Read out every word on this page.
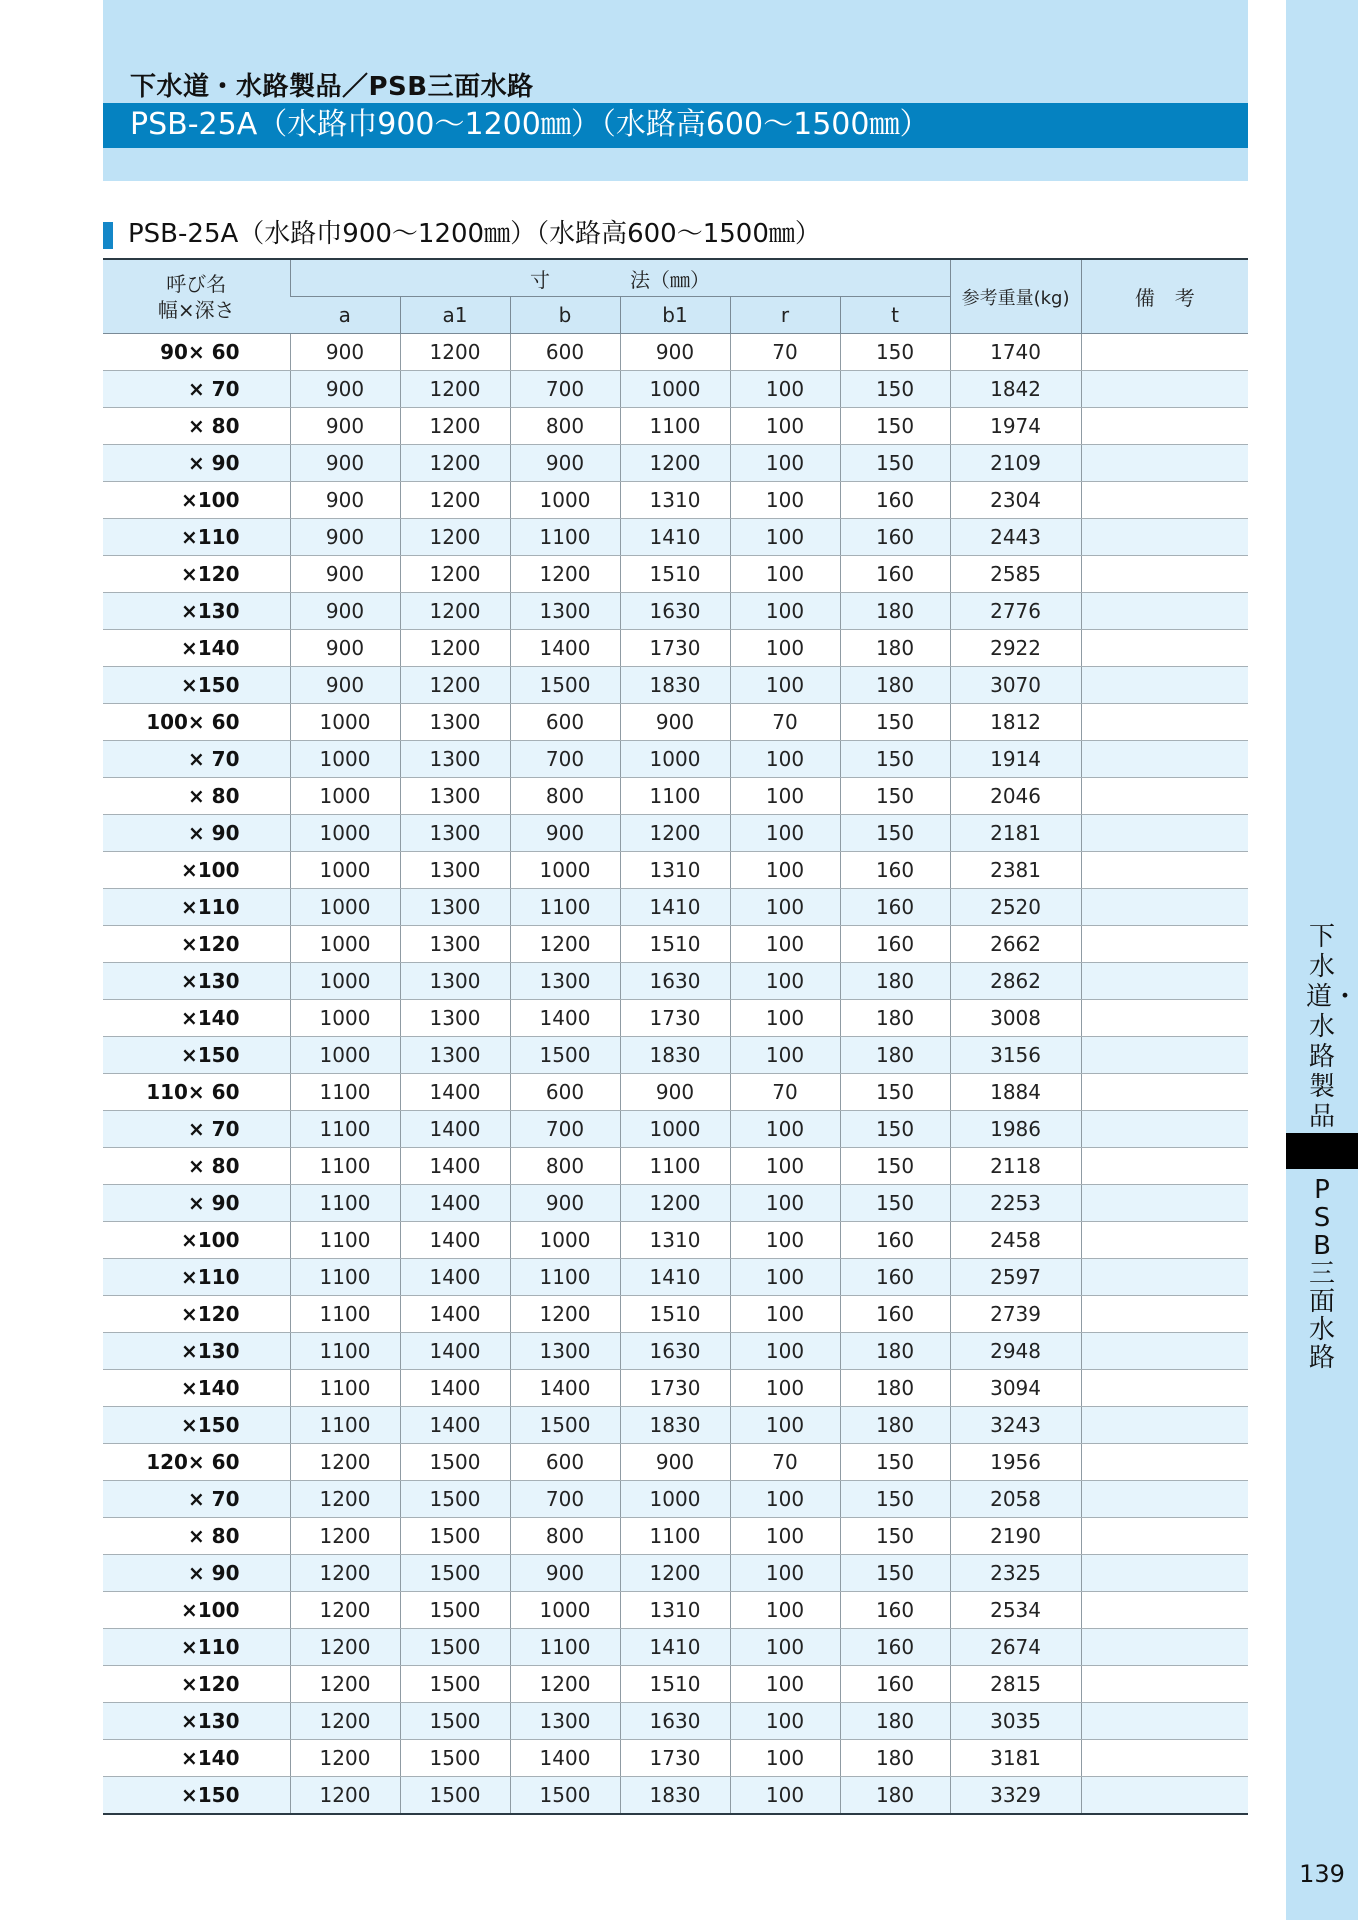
下水道・水路製品／PSB三面水路
PSB-25A（水路巾900〜1200㎜）（水路高600〜1500㎜）
PSB-25A（水路巾900〜1200㎜）（水路高600〜1500㎜）
呼び名
幅×深さ	寸　　　　法（㎜）						参考重量(kg)	備　考
	a	a1	b	b1	r	t		
90× 60	900	1200	600	900	70	150	1740	
× 70	900	1200	700	1000	100	150	1842	
× 80	900	1200	800	1100	100	150	1974	
× 90	900	1200	900	1200	100	150	2109	
×100	900	1200	1000	1310	100	160	2304	
×110	900	1200	1100	1410	100	160	2443	
×120	900	1200	1200	1510	100	160	2585	
×130	900	1200	1300	1630	100	180	2776	
×140	900	1200	1400	1730	100	180	2922	
×150	900	1200	1500	1830	100	180	3070	
100× 60	1000	1300	600	900	70	150	1812	
× 70	1000	1300	700	1000	100	150	1914	
× 80	1000	1300	800	1100	100	150	2046	
× 90	1000	1300	900	1200	100	150	2181	
×100	1000	1300	1000	1310	100	160	2381	
×110	1000	1300	1100	1410	100	160	2520	
×120	1000	1300	1200	1510	100	160	2662	
×130	1000	1300	1300	1630	100	180	2862	
×140	1000	1300	1400	1730	100	180	3008	
×150	1000	1300	1500	1830	100	180	3156	
110× 60	1100	1400	600	900	70	150	1884	
× 70	1100	1400	700	1000	100	150	1986	
× 80	1100	1400	800	1100	100	150	2118	
× 90	1100	1400	900	1200	100	150	2253	
×100	1100	1400	1000	1310	100	160	2458	
×110	1100	1400	1100	1410	100	160	2597	
×120	1100	1400	1200	1510	100	160	2739	
×130	1100	1400	1300	1630	100	180	2948	
×140	1100	1400	1400	1730	100	180	3094	
×150	1100	1400	1500	1830	100	180	3243	
120× 60	1200	1500	600	900	70	150	1956	
× 70	1200	1500	700	1000	100	150	2058	
× 80	1200	1500	800	1100	100	150	2190	
× 90	1200	1500	900	1200	100	150	2325	
×100	1200	1500	1000	1310	100	160	2534	
×110	1200	1500	1100	1410	100	160	2674	
×120	1200	1500	1200	1510	100	160	2815	
×130	1200	1500	1300	1630	100	180	3035	
×140	1200	1500	1400	1730	100	180	3181	
×150	1200	1500	1500	1830	100	180	3329	
下水道・水路製品
PSB三面水路
139
